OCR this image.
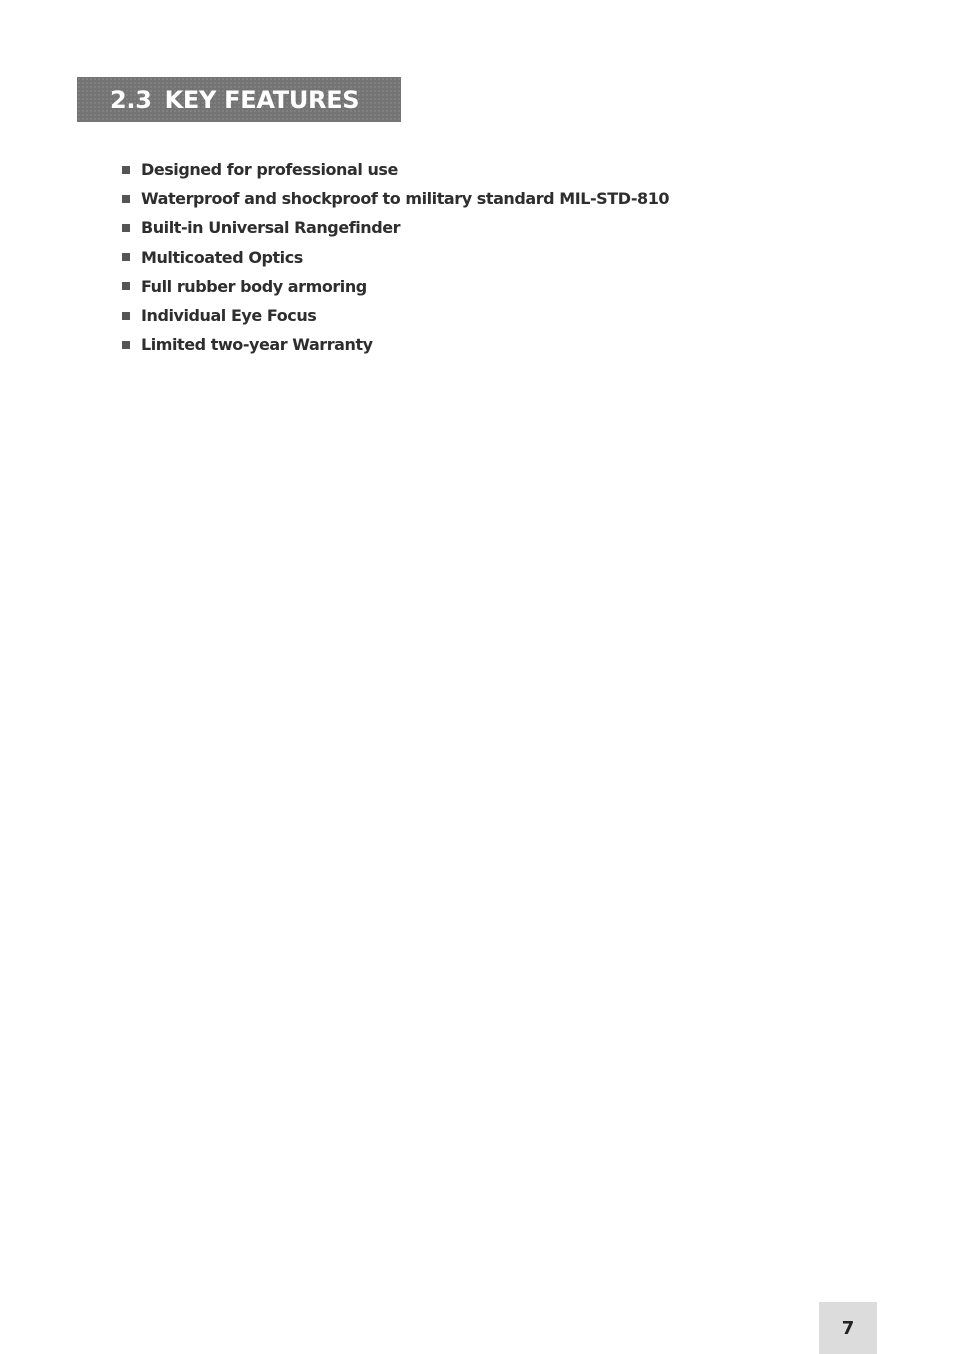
2.3 KEY FEATURES
Designed for professional use
Waterproof and shockproof to military standard MIL-STD-810
Built-in Universal Rangefinder
Multicoated Optics
Full rubber body armoring
Individual Eye Focus
Limited two-year Warranty
7
